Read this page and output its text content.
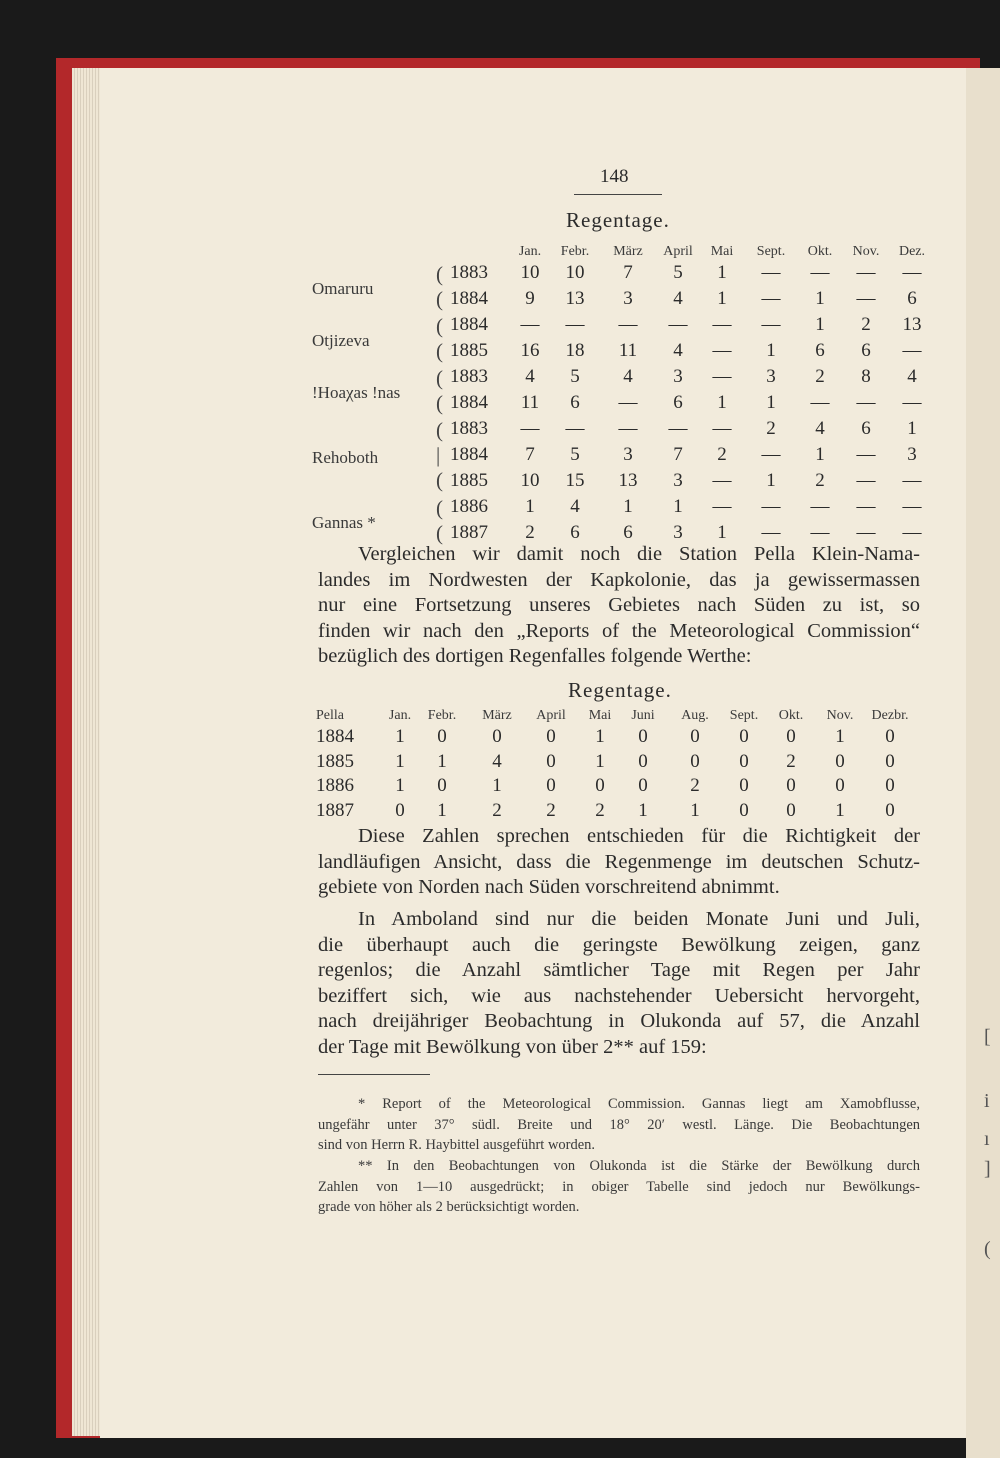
[
i
ı
]
(
148
Regentage.
Jan. Febr. März April Mai Sept. Okt. Nov. Dez.
1883 10 10 7 5 1 — — — —
1884 9 13 3 4 1 — 1 — 6
Omaruru
(
(
1884 — — — — — — 1 2 13
1885 16 18 11 4 — 1 6 6 —
Otjizeva
(
(
1883 4 5 4 3 — 3 2 8 4
1884 11 6 — 6 1 1 — — —
!Hoaχas !nas
(
(
1883 — — — — — 2 4 6 1
1884 7 5 3 7 2 — 1 — 3
1885 10 15 13 3 — 1 2 — —
Rehoboth
(
|
(
1886 1 4 1 1 — — — — —
1887 2 6 6 3 1 — — — —
Gannas *
(
(
Vergleichen wir damit noch die Station Pella Klein-Nama-
landes im Nordwesten der Kapkolonie, das ja gewissermassen
nur eine Fortsetzung unseres Gebietes nach Süden zu ist, so
finden wir nach den „Reports of the Meteorological Commission“
bezüglich des dortigen Regenfalles folgende Werthe:
Regentage.
Pella	Jan. Febr. März April Mai Juni Aug. Sept. Okt. Nov. Dezbr.
1884 1 0 0 0 1 0 0 0 0 1 0
1885 1 1 4 0 1 0 0 0 2 0 0
1886 1 0 1 0 0 0 2 0 0 0 0
1887 0 1 2 2 2 1 1 0 0 1 0
Diese Zahlen sprechen entschieden für die Richtigkeit der
landläufigen Ansicht, dass die Regenmenge im deutschen Schutz-
gebiete von Norden nach Süden vorschreitend abnimmt.
In Amboland sind nur die beiden Monate Juni und Juli,
die überhaupt auch die geringste Bewölkung zeigen, ganz
regenlos; die Anzahl sämtlicher Tage mit Regen per Jahr
beziffert sich, wie aus nachstehender Uebersicht hervorgeht,
nach dreijähriger Beobachtung in Olukonda auf 57, die Anzahl
der Tage mit Bewölkung von über 2** auf 159:
* Report of the Meteorological Commission. Gannas liegt am Xamobflusse,
ungefähr unter 37° südl. Breite und 18° 20′ westl. Länge. Die Beobachtungen
sind von Herrn R. Haybittel ausgeführt worden.
** In den Beobachtungen von Olukonda ist die Stärke der Bewölkung durch
Zahlen von 1—10 ausgedrückt; in obiger Tabelle sind jedoch nur Bewölkungs-
grade von höher als 2 berücksichtigt worden.
